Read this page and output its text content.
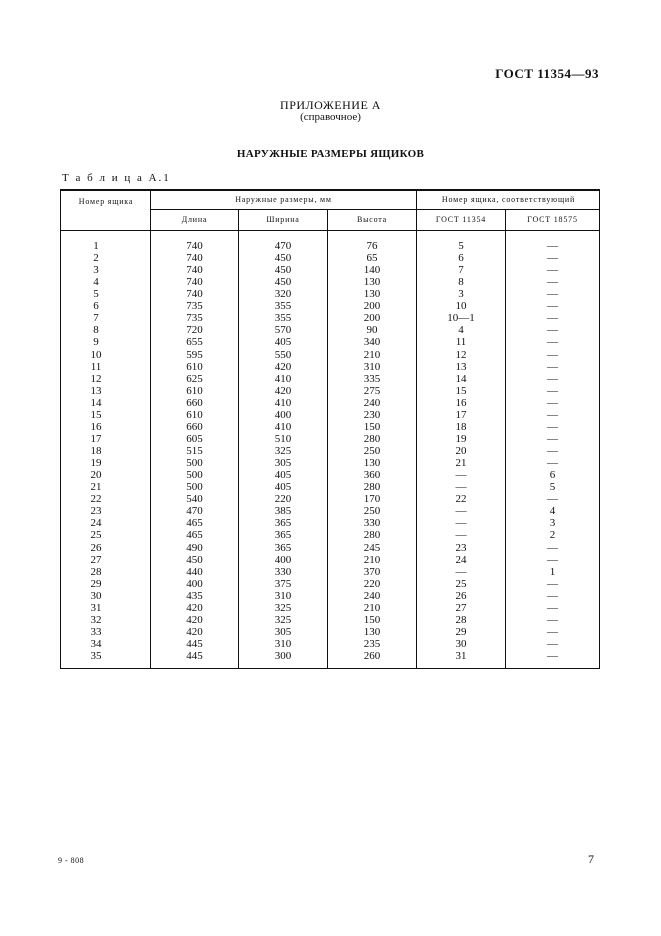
ГОСТ 11354—93
ПРИЛОЖЕНИЕ А
(справочное)
НАРУЖНЫЕ РАЗМЕРЫ ЯЩИКОВ
Т а б л и ц а А.1
Номер ящика	Наружные размеры, мм
Длина	Ширина	Высота
Номер ящика, соответствующий
ГОСТ 11354	ГОСТ 18575
1	740	470	76	5	—
2	740	450	65	6	—
3	740	450	140	7	—
4	740	450	130	8	—
5	740	320	130	3	—
6	735	355	200	10	—
7	735	355	200	10—1	—
8	720	570	90	4	—
9	655	405	340	11	—
10	595	550	210	12	—
11	610	420	310	13	—
12	625	410	335	14	—
13	610	420	275	15	—
14	660	410	240	16	—
15	610	400	230	17	—
16	660	410	150	18	—
17	605	510	280	19	—
18	515	325	250	20	—
19	500	305	130	21	—
20	500	405	360	—	6
21	500	405	280	—	5
22	540	220	170	22	—
23	470	385	250	—	4
24	465	365	330	—	3
25	465	365	280	—	2
26	490	365	245	23	—
27	450	400	210	24	—
28	440	330	370	—	1
29	400	375	220	25	—
30	435	310	240	26	—
31	420	325	210	27	—
32	420	325	150	28	—
33	420	305	130	29	—
34	445	310	235	30	—
35	445	300	260	31	—
9 - 808	7
